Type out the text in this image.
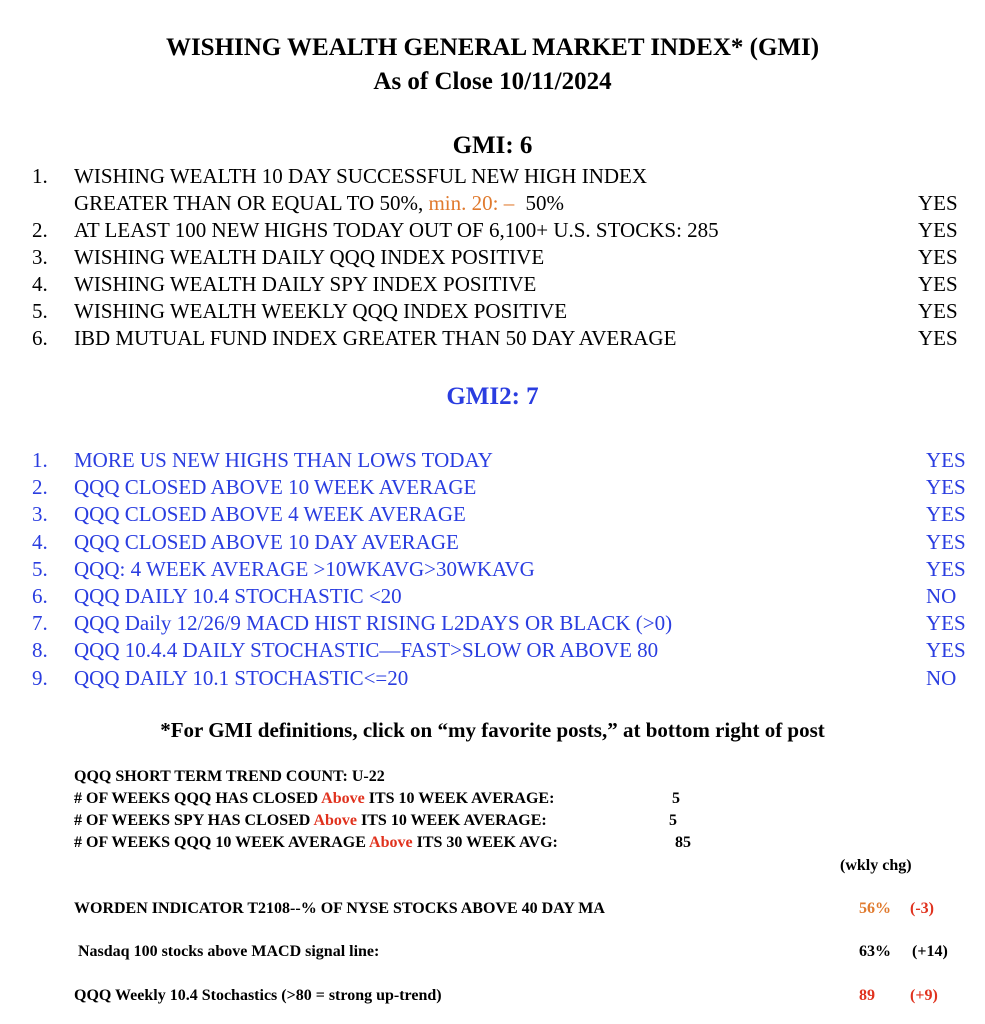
WISHING WEALTH GENERAL MARKET INDEX* (GMI)
As of Close 10/11/2024
GMI: 6
1. WISHING WEALTH 10 DAY SUCCESSFUL NEW HIGH INDEX
GREATER THAN OR EQUAL TO 50%, min. 20: – 50%	YES
2. AT LEAST 100 NEW HIGHS TODAY OUT OF 6,100+ U.S. STOCKS: 285	YES
3. WISHING WEALTH DAILY QQQ INDEX POSITIVE	YES
4. WISHING WEALTH DAILY SPY INDEX POSITIVE	YES
5. WISHING WEALTH WEEKLY QQQ INDEX POSITIVE	YES
6. IBD MUTUAL FUND INDEX GREATER THAN 50 DAY AVERAGE	YES
GMI2: 7
1. MORE US NEW HIGHS THAN LOWS TODAY	YES
2. QQQ CLOSED ABOVE 10 WEEK AVERAGE	YES
3. QQQ CLOSED ABOVE 4 WEEK AVERAGE	YES
4. QQQ CLOSED ABOVE 10 DAY AVERAGE	YES
5. QQQ: 4 WEEK AVERAGE >10WKAVG>30WKAVG	YES
6. QQQ DAILY 10.4 STOCHASTIC <20	NO
7. QQQ Daily 12/26/9 MACD HIST RISING L2DAYS OR BLACK (>0)	YES
8. QQQ 10.4.4 DAILY STOCHASTIC—FAST>SLOW OR ABOVE 80	YES
9. QQQ DAILY 10.1 STOCHASTIC<=20	NO
*For GMI definitions, click on “my favorite posts,” at bottom right of post
QQQ SHORT TERM TREND COUNT: U-22
# OF WEEKS QQQ HAS CLOSED Above ITS 10 WEEK AVERAGE:	5
# OF WEEKS SPY HAS CLOSED Above ITS 10 WEEK AVERAGE:	5
# OF WEEKS QQQ 10 WEEK AVERAGE Above ITS 30 WEEK AVG:	85
(wkly chg)
WORDEN INDICATOR T2108--% OF NYSE STOCKS ABOVE 40 DAY MA	56% (-3)
Nasdaq 100 stocks above MACD signal line:	63% (+14)
QQQ Weekly 10.4 Stochastics (>80 = strong up-trend)	89 (+9)
